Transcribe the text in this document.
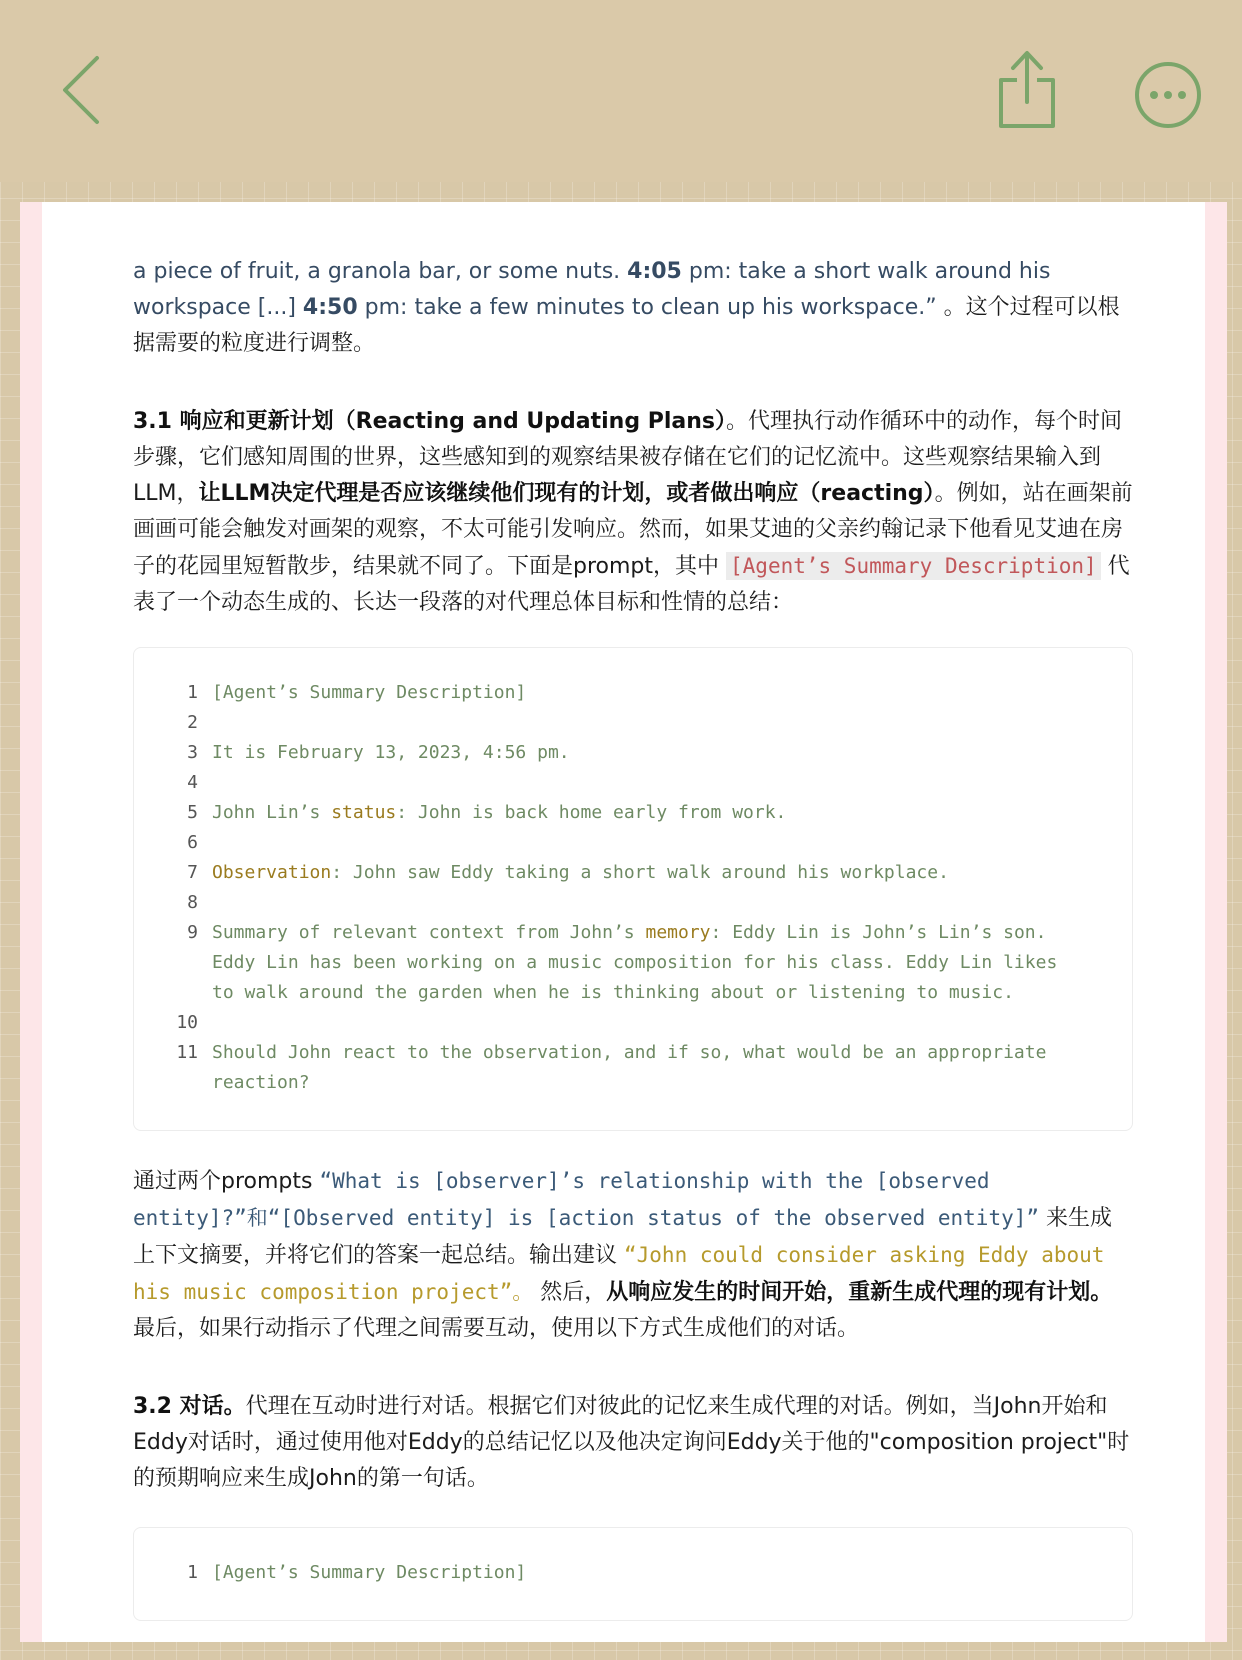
a piece of fruit, a granola bar, or some nuts. 4:05 pm: take a short walk around his workspace [...] 4:50 pm: take a few minutes to clean up his workspace.” 。这个过程可以根据需要的粒度进行调整。

3.1 响应和更新计划（Reacting and Updating Plans）。代理执行动作循环中的动作，每个时间步骤，它们感知周围的世界，这些感知到的观察结果被存储在它们的记忆流中。这些观察结果输入到LLM，让LLM决定代理是否应该继续他们现有的计划，或者做出响应（reacting）。例如，站在画架前画画可能会触发对画架的观察，不太可能引发响应。然而，如果艾迪的父亲约翰记录下他看见艾迪在房子的花园里短暂散步，结果就不同了。下面是prompt，其中 [Agent’s Summary Description] 代表了一个动态生成的、长达一段落的对代理总体目标和性情的总结：

1 [Agent’s Summary Description]
2
3 It is February 13, 2023, 4:56 pm.
4
5 John Lin’s status: John is back home early from work.
6
7 Observation: John saw Eddy taking a short walk around his workplace.
8
9 Summary of relevant context from John’s memory: Eddy Lin is John’s Lin’s son.
Eddy Lin has been working on a music composition for his class. Eddy Lin likes
to walk around the garden when he is thinking about or listening to music.
10
11 Should John react to the observation, and if so, what would be an appropriate
reaction?

通过两个prompts “What is [observer]’s relationship with the [observed entity]?”和“[Observed entity] is [action status of the observed entity]” 来生成上下文摘要，并将它们的答案一起总结。输出建议 “John could consider asking Eddy about his music composition project”。 然后，从响应发生的时间开始，重新生成代理的现有计划。最后，如果行动指示了代理之间需要互动，使用以下方式生成他们的对话。

3.2 对话。代理在互动时进行对话。根据它们对彼此的记忆来生成代理的对话。例如，当John开始和Eddy对话时，通过使用他对Eddy的总结记忆以及他决定询问Eddy关于他的"composition project"时的预期响应来生成John的第一句话。

1 [Agent’s Summary Description]
